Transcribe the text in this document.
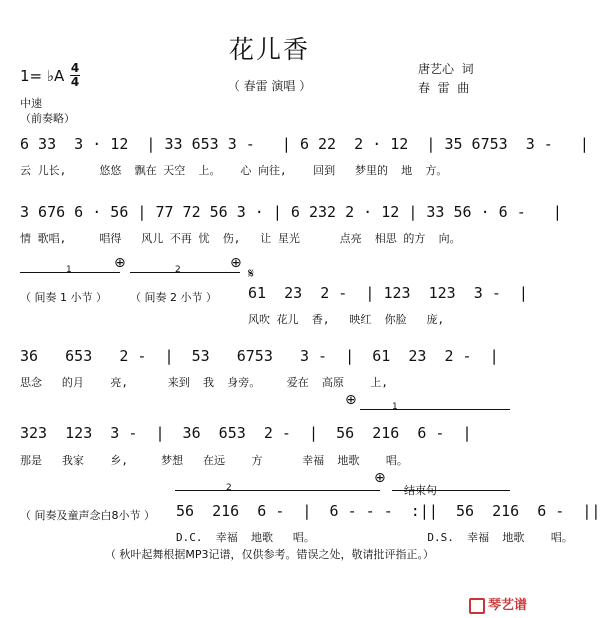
花儿香
（ 春雷 演唱 ）
唐艺心  词
春  雷  曲
1= ♭A 4
4
中速
（前奏略）
6 33  3 · 12  | 33 653 3 -   | 6 22  2 · 12  | 35 6753  3 -   |
云 儿长,     悠悠  飘在 天空  上。   心 向往,    回到   梦里的  地  方。
3 676 6 · 56 | 77 72 56 3 · | 6 232 2 · 12 | 33 56 · 6 -   |
情 歌唱,     唱得   风儿 不再 忧  伤,   让 星光      点亮  相思 的方  向。
1	2
⊕	⊕
𝄋
（ 间奏 1 小节 ） （ 间奏 2 小节 ） 61  23  2 -  | 123  123  3 -  |
风吹 花儿  香,   映红  你脸   庞,
36   653   2 -  |  53   6753   3 -  |  61  23  2 -  |
思念   的月    亮,      来到  我  身旁。    爱在  高原    上,
⊕	1
323  123  3 -  |  36  653  2 -  |  56  216  6 -  |
那是   我家    乡,     梦想   在远    方      幸福  地歌    唱。
2
⊕
结束句
（ 间奏及童声念白8小节 ） 56  216  6 -  |  6 - - -  :||  56  216  6 -  ||
D.C.  幸福  地歌   唱。                 D.S.  幸福  地歌    唱。
（ 秋叶起舞根据MP3记谱，仅供参考。错误之处，敬请批评指正。）
琴艺谱
